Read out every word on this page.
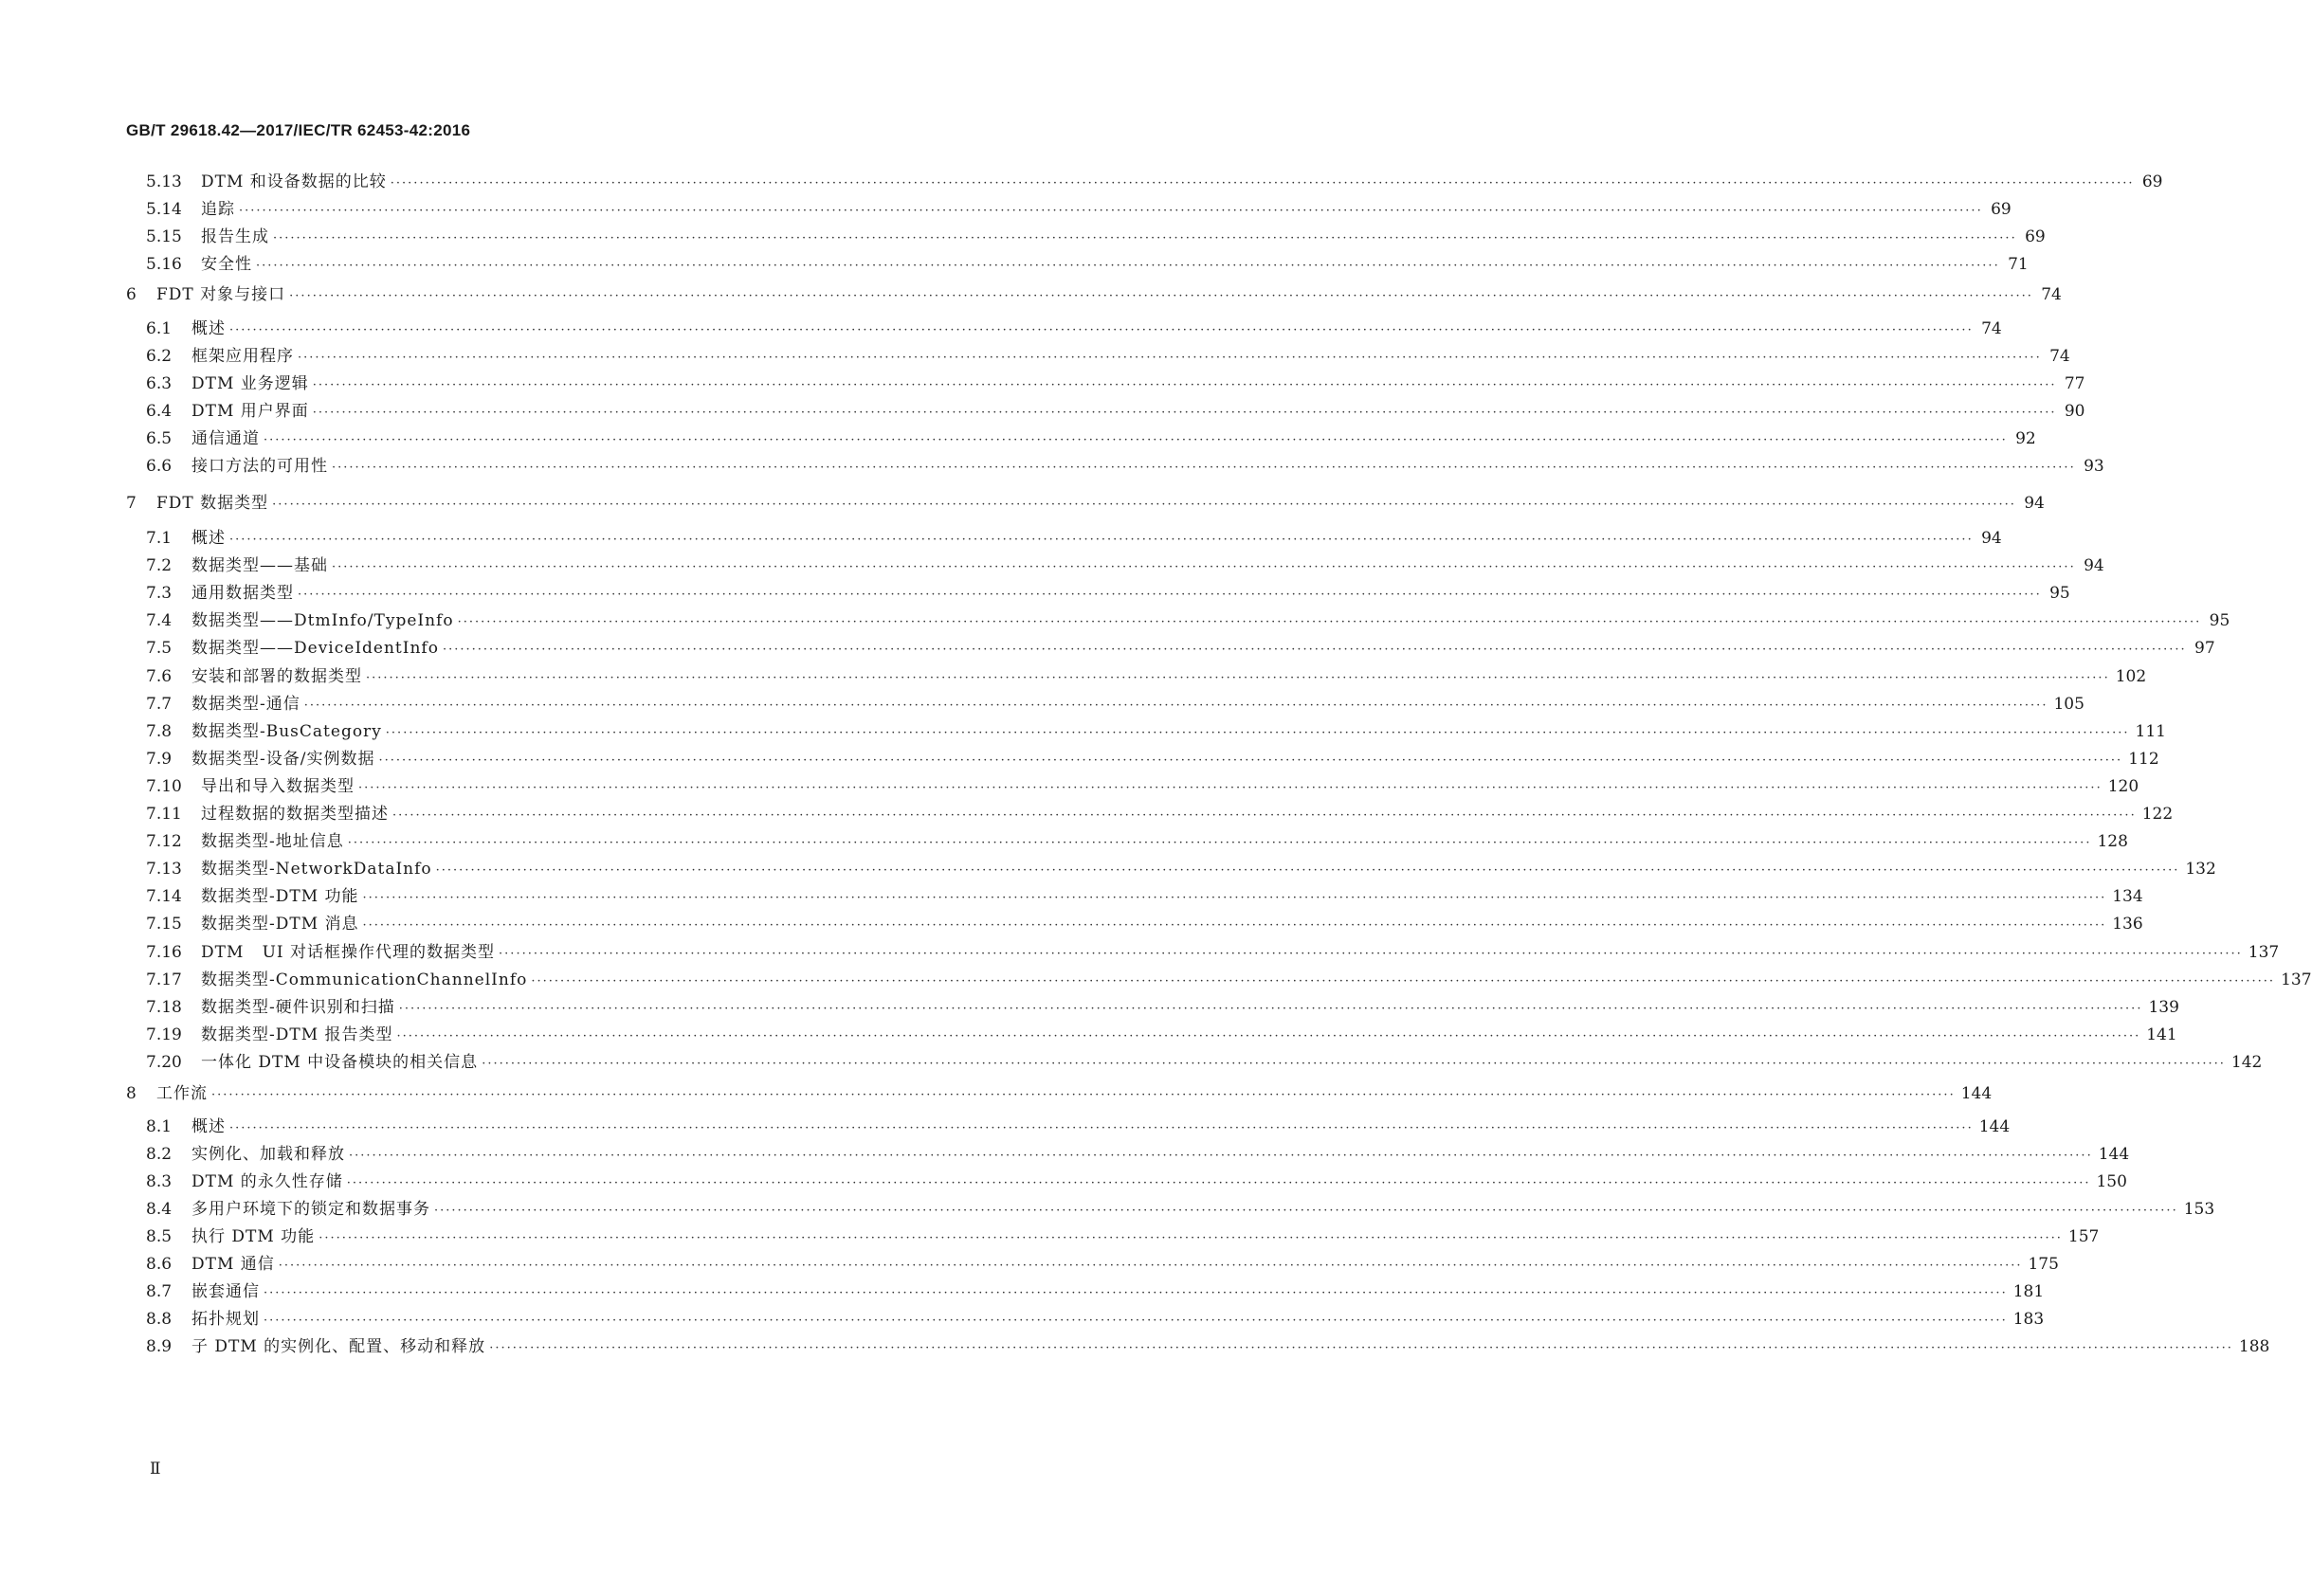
GB/T 29618.42—2017/IEC/TR 62453-42:2016
5.13	DTM 和设备数据的比较 ············································································································································································································································································································ 69
5.14	追踪 ············································································································································································································································································································ 69
5.15	报告生成 ············································································································································································································································································································ 69
5.16	安全性 ············································································································································································································································································································ 71
6	FDT 对象与接口 ············································································································································································································································································································ 74
6.1	概述 ············································································································································································································································································································ 74
6.2	框架应用程序 ············································································································································································································································································································ 74
6.3	DTM 业务逻辑 ············································································································································································································································································································ 77
6.4	DTM 用户界面 ············································································································································································································································································································ 90
6.5	通信通道 ············································································································································································································································································································ 92
6.6	接口方法的可用性 ············································································································································································································································································································ 93
7	FDT 数据类型 ············································································································································································································································································································ 94
7.1	概述 ············································································································································································································································································································ 94
7.2	数据类型——基础 ············································································································································································································································································································ 94
7.3	通用数据类型 ············································································································································································································································································································ 95
7.4	数据类型——DtmInfo/TypeInfo ············································································································································································································································································································ 95
7.5	数据类型——DeviceIdentInfo ············································································································································································································································································································ 97
7.6	安装和部署的数据类型 ············································································································································································································································································································ 102
7.7	数据类型-通信 ············································································································································································································································································································ 105
7.8	数据类型-BusCategory ············································································································································································································································································································ 111
7.9	数据类型-设备/实例数据 ············································································································································································································································································································ 112
7.10	导出和导入数据类型 ············································································································································································································································································································ 120
7.11	过程数据的数据类型描述 ············································································································································································································································································································ 122
7.12	数据类型-地址信息 ············································································································································································································································································································ 128
7.13	数据类型-NetworkDataInfo ············································································································································································································································································································ 132
7.14	数据类型-DTM 功能 ············································································································································································································································································································ 134
7.15	数据类型-DTM 消息 ············································································································································································································································································································ 136
7.16	DTM   UI 对话框操作代理的数据类型 ············································································································································································································································································································ 137
7.17	数据类型-CommunicationChannelInfo ············································································································································································································································································································ 137
7.18	数据类型-硬件识别和扫描 ············································································································································································································································································································ 139
7.19	数据类型-DTM 报告类型 ············································································································································································································································································································ 141
7.20	一体化 DTM 中设备模块的相关信息 ············································································································································································································································································································ 142
8	工作流 ············································································································································································································································································································ 144
8.1	概述 ············································································································································································································································································································ 144
8.2	实例化、加载和释放 ············································································································································································································································································································ 144
8.3	DTM 的永久性存储 ············································································································································································································································································································ 150
8.4	多用户环境下的锁定和数据事务 ············································································································································································································································································································ 153
8.5	执行 DTM 功能 ············································································································································································································································································································ 157
8.6	DTM 通信 ············································································································································································································································································································ 175
8.7	嵌套通信 ············································································································································································································································································································ 181
8.8	拓扑规划 ············································································································································································································································································································ 183
8.9	子 DTM 的实例化、配置、移动和释放 ············································································································································································································································································································ 188
Ⅱ
